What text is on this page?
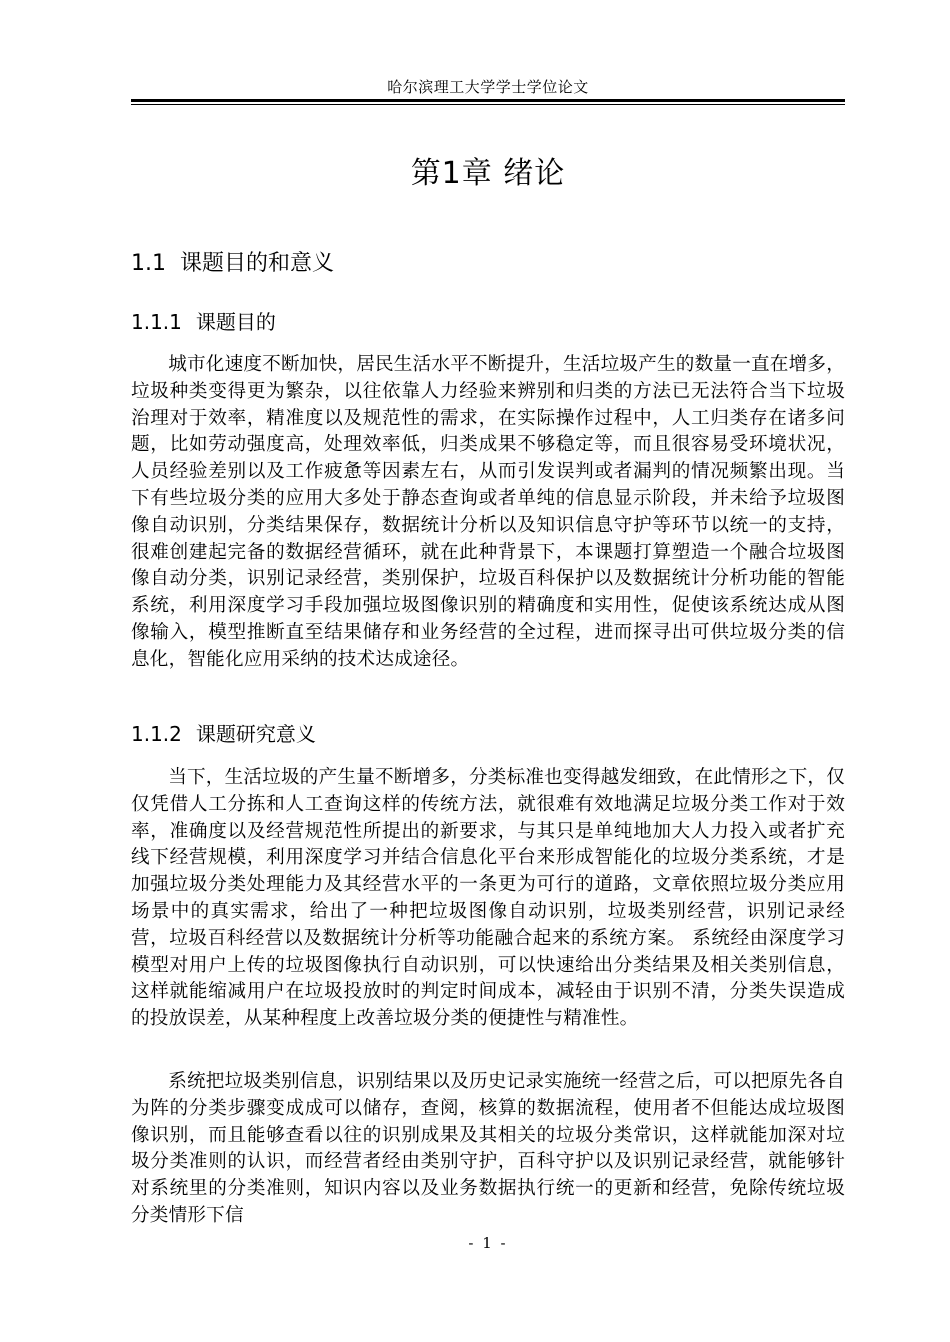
哈尔滨理工大学学士学位论文
第1章 绪论
1.1 课题目的和意义
1.1.1 课题目的

城市化速度不断加快，居民生活水平不断提升，生活垃圾产生的数量一直在增多，垃圾种类变得更为繁杂，以往依靠人力经验来辨别和归类的方法已无法符合当下垃圾治理对于效率，精准度以及规范性的需求，在实际操作过程中，人工归类存在诸多问题，比如劳动强度高，处理效率低，归类成果不够稳定等，而且很容易受环境状况，人员经验差别以及工作疲惫等因素左右，从而引发误判或者漏判的情况频繁出现。当下有些垃圾分类的应用大多处于静态查询或者单纯的信息显示阶段，并未给予垃圾图像自动识别，分类结果保存，数据统计分析以及知识信息守护等环节以统一的支持，很难创建起完备的数据经营循环，就在此种背景下，本课题打算塑造一个融合垃圾图像自动分类，识别记录经营，类别保护，垃圾百科保护以及数据统计分析功能的智能系统，利用深度学习手段加强垃圾图像识别的精确度和实用性，促使该系统达成从图像输入，模型推断直至结果储存和业务经营的全过程，进而探寻出可供垃圾分类的信息化，智能化应用采纳的技术达成途径。

1.1.2 课题研究意义

当下，生活垃圾的产生量不断增多，分类标准也变得越发细致，在此情形之下，仅仅凭借人工分拣和人工查询这样的传统方法，就很难有效地满足垃圾分类工作对于效率，准确度以及经营规范性所提出的新要求，与其只是单纯地加大人力投入或者扩充线下经营规模，利用深度学习并结合信息化平台来形成智能化的垃圾分类系统，才是加强垃圾分类处理能力及其经营水平的一条更为可行的道路，文章依照垃圾分类应用场景中的真实需求，给出了一种把垃圾图像自动识别，垃圾类别经营，识别记录经营，垃圾百科经营以及数据统计分析等功能融合起来的系统方案。 系统经由深度学习模型对用户上传的垃圾图像执行自动识别，可以快速给出分类结果及相关类别信息，这样就能缩减用户在垃圾投放时的判定时间成本，减轻由于识别不清，分类失误造成的投放误差，从某种程度上改善垃圾分类的便捷性与精准性。

系统把垃圾类别信息，识别结果以及历史记录实施统一经营之后，可以把原先各自为阵的分类步骤变成成可以储存，查阅，核算的数据流程，使用者不但能达成垃圾图像识别，而且能够查看以往的识别成果及其相关的垃圾分类常识，这样就能加深对垃圾分类准则的认识，而经营者经由类别守护，百科守护以及识别记录经营，就能够针对系统里的分类准则，知识内容以及业务数据执行统一的更新和经营，免除传统垃圾分类情形下信

- 1 -
